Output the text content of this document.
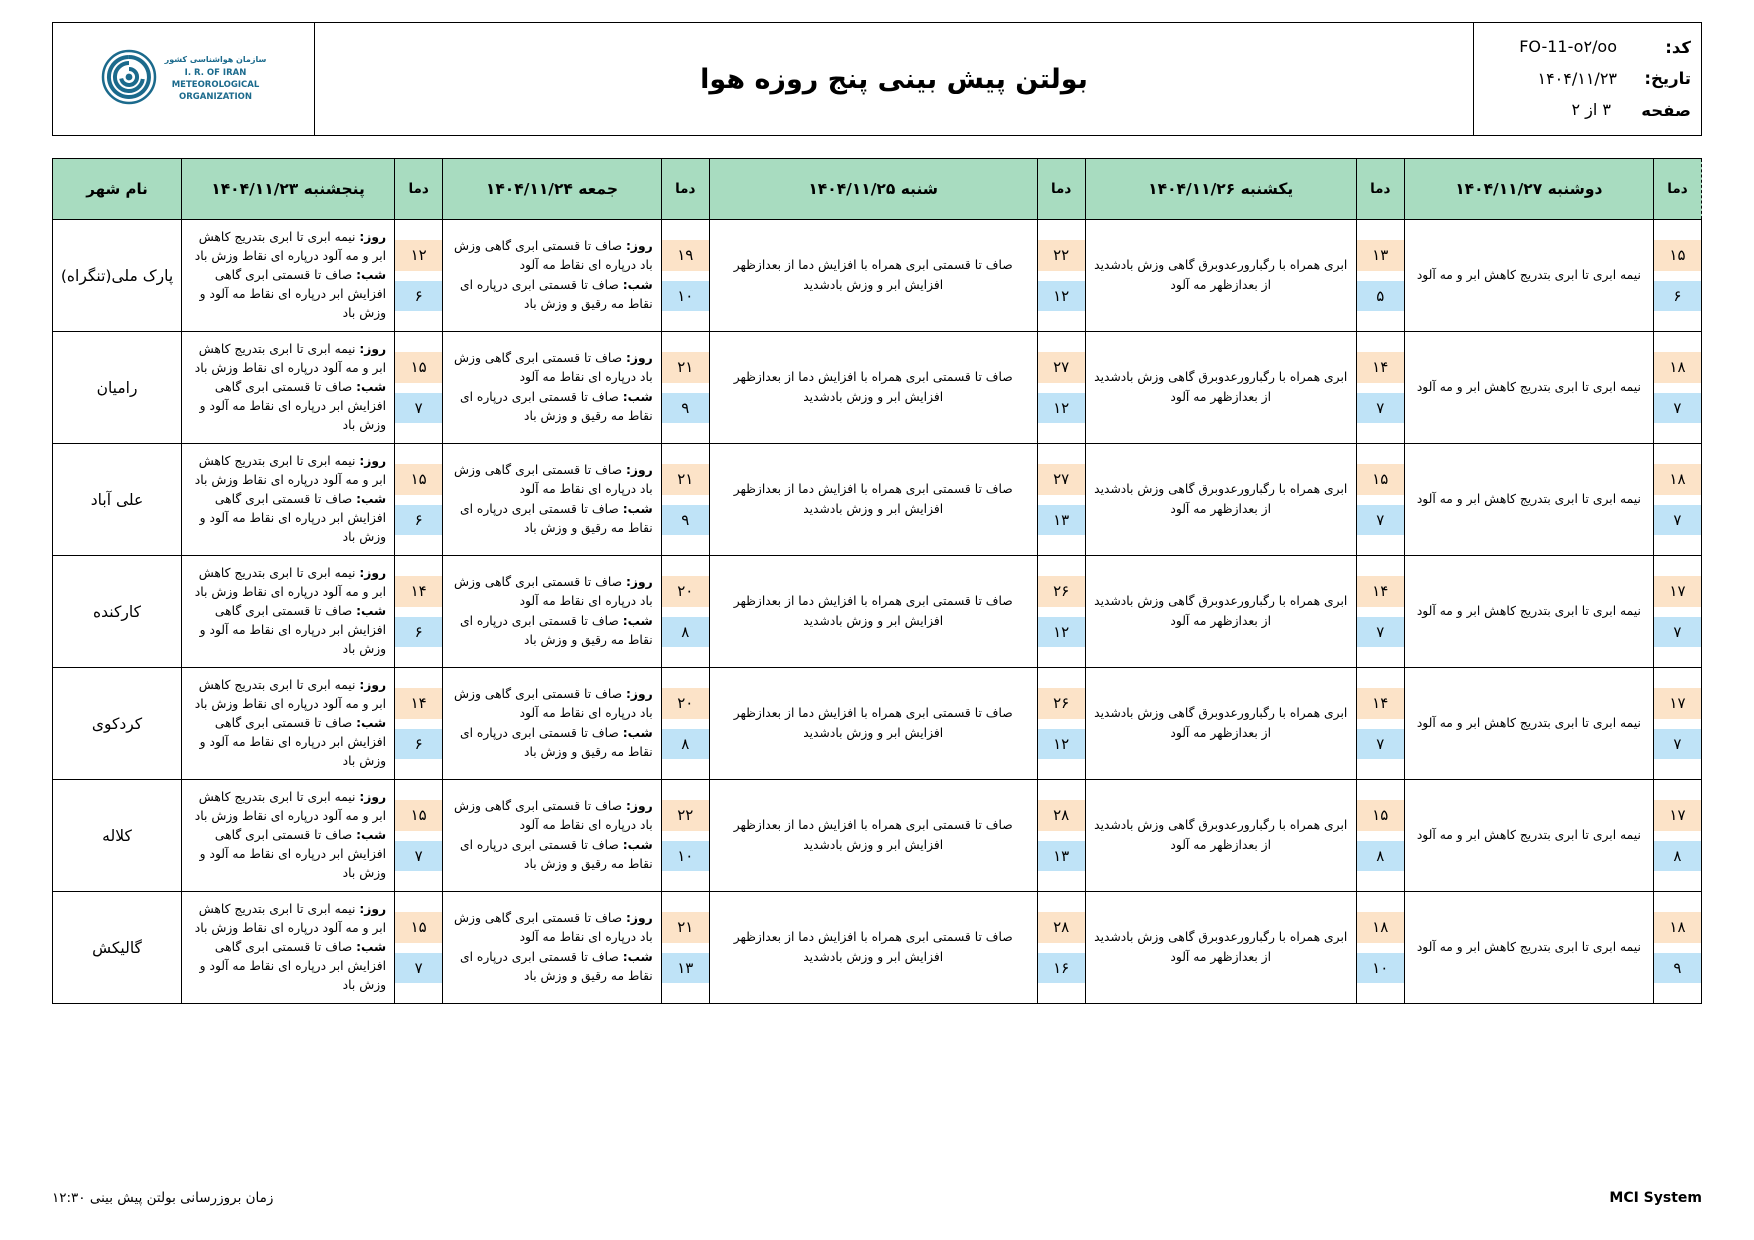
کد:
FO-11-o۲/oo
تاریخ:
۱۴۰۴/۱۱/۲۳
صفحه
۳ از ۲
بولتن پیش بینی پنج روزه هوا
سازمان هواشناسی کشور
I. R. OF IRAN
METEOROLOGICAL
ORGANIZATION
دما	دوشنبه ۱۴۰۴/۱۱/۲۷	دما	یکشنبه ۱۴۰۴/۱۱/۲۶	دما	شنبه ۱۴۰۴/۱۱/۲۵	دما	جمعه ۱۴۰۴/۱۱/۲۴	دما	پنجشنبه ۱۴۰۴/۱۱/۲۳	نام شهر

۱۵
۶
	نیمه ابری تا ابری بتدریج کاهش ابر و مه آلود	
۱۳
۵
	ابری همراه با رگبارورعدوبرق گاهی وزش بادشدید از بعدازظهر مه آلود	
۲۲
۱۲
	صاف تا قسمتی ابری همراه با افزایش دما از بعدازظهر افزایش ابر و وزش بادشدید	
۱۹
۱۰

روز: صاف تا قسمتی ابری گاهی وزش باد درپاره ای نقاط مه آلود
شب: صاف تا قسمتی ابری درپاره ای نقاط مه رقیق و وزش باد

۱۲
۶

روز: نیمه ابری تا ابری بتدریج کاهش ابر و مه آلود درپاره ای نقاط وزش باد
شب: صاف تا قسمتی ابری گاهی افزایش ابر درپاره ای نقاط مه آلود و وزش باد
	پارک ملی(تنگراه)

۱۸
۷
	نیمه ابری تا ابری بتدریج کاهش ابر و مه آلود	
۱۴
۷
	ابری همراه با رگبارورعدوبرق گاهی وزش بادشدید از بعدازظهر مه آلود	
۲۷
۱۲
	صاف تا قسمتی ابری همراه با افزایش دما از بعدازظهر افزایش ابر و وزش بادشدید	
۲۱
۹

روز: صاف تا قسمتی ابری گاهی وزش باد درپاره ای نقاط مه آلود
شب: صاف تا قسمتی ابری درپاره ای نقاط مه رقیق و وزش باد

۱۵
۷

روز: نیمه ابری تا ابری بتدریج کاهش ابر و مه آلود درپاره ای نقاط وزش باد
شب: صاف تا قسمتی ابری گاهی افزایش ابر درپاره ای نقاط مه آلود و وزش باد
	رامیان

۱۸
۷
	نیمه ابری تا ابری بتدریج کاهش ابر و مه آلود	
۱۵
۷
	ابری همراه با رگبارورعدوبرق گاهی وزش بادشدید از بعدازظهر مه آلود	
۲۷
۱۳
	صاف تا قسمتی ابری همراه با افزایش دما از بعدازظهر افزایش ابر و وزش بادشدید	
۲۱
۹

روز: صاف تا قسمتی ابری گاهی وزش باد درپاره ای نقاط مه آلود
شب: صاف تا قسمتی ابری درپاره ای نقاط مه رقیق و وزش باد

۱۵
۶

روز: نیمه ابری تا ابری بتدریج کاهش ابر و مه آلود درپاره ای نقاط وزش باد
شب: صاف تا قسمتی ابری گاهی افزایش ابر درپاره ای نقاط مه آلود و وزش باد
	علی آباد

۱۷
۷
	نیمه ابری تا ابری بتدریج کاهش ابر و مه آلود	
۱۴
۷
	ابری همراه با رگبارورعدوبرق گاهی وزش بادشدید از بعدازظهر مه آلود	
۲۶
۱۲
	صاف تا قسمتی ابری همراه با افزایش دما از بعدازظهر افزایش ابر و وزش بادشدید	
۲۰
۸

روز: صاف تا قسمتی ابری گاهی وزش باد درپاره ای نقاط مه آلود
شب: صاف تا قسمتی ابری درپاره ای نقاط مه رقیق و وزش باد

۱۴
۶

روز: نیمه ابری تا ابری بتدریج کاهش ابر و مه آلود درپاره ای نقاط وزش باد
شب: صاف تا قسمتی ابری گاهی افزایش ابر درپاره ای نقاط مه آلود و وزش باد
	کارکنده

۱۷
۷
	نیمه ابری تا ابری بتدریج کاهش ابر و مه آلود	
۱۴
۷
	ابری همراه با رگبارورعدوبرق گاهی وزش بادشدید از بعدازظهر مه آلود	
۲۶
۱۲
	صاف تا قسمتی ابری همراه با افزایش دما از بعدازظهر افزایش ابر و وزش بادشدید	
۲۰
۸

روز: صاف تا قسمتی ابری گاهی وزش باد درپاره ای نقاط مه آلود
شب: صاف تا قسمتی ابری درپاره ای نقاط مه رقیق و وزش باد

۱۴
۶

روز: نیمه ابری تا ابری بتدریج کاهش ابر و مه آلود درپاره ای نقاط وزش باد
شب: صاف تا قسمتی ابری گاهی افزایش ابر درپاره ای نقاط مه آلود و وزش باد
	کردکوی

۱۷
۸
	نیمه ابری تا ابری بتدریج کاهش ابر و مه آلود	
۱۵
۸
	ابری همراه با رگبارورعدوبرق گاهی وزش بادشدید از بعدازظهر مه آلود	
۲۸
۱۳
	صاف تا قسمتی ابری همراه با افزایش دما از بعدازظهر افزایش ابر و وزش بادشدید	
۲۲
۱۰

روز: صاف تا قسمتی ابری گاهی وزش باد درپاره ای نقاط مه آلود
شب: صاف تا قسمتی ابری درپاره ای نقاط مه رقیق و وزش باد

۱۵
۷

روز: نیمه ابری تا ابری بتدریج کاهش ابر و مه آلود درپاره ای نقاط وزش باد
شب: صاف تا قسمتی ابری گاهی افزایش ابر درپاره ای نقاط مه آلود و وزش باد
	کلاله

۱۸
۹
	نیمه ابری تا ابری بتدریج کاهش ابر و مه آلود	
۱۸
۱۰
	ابری همراه با رگبارورعدوبرق گاهی وزش بادشدید از بعدازظهر مه آلود	
۲۸
۱۶
	صاف تا قسمتی ابری همراه با افزایش دما از بعدازظهر افزایش ابر و وزش بادشدید	
۲۱
۱۳

روز: صاف تا قسمتی ابری گاهی وزش باد درپاره ای نقاط مه آلود
شب: صاف تا قسمتی ابری درپاره ای نقاط مه رقیق و وزش باد

۱۵
۷

روز: نیمه ابری تا ابری بتدریج کاهش ابر و مه آلود درپاره ای نقاط وزش باد
شب: صاف تا قسمتی ابری گاهی افزایش ابر درپاره ای نقاط مه آلود و وزش باد
	گالیکش
زمان بروزرسانی بولتن پیش بینی ۱۲:۳۰	MCI System
